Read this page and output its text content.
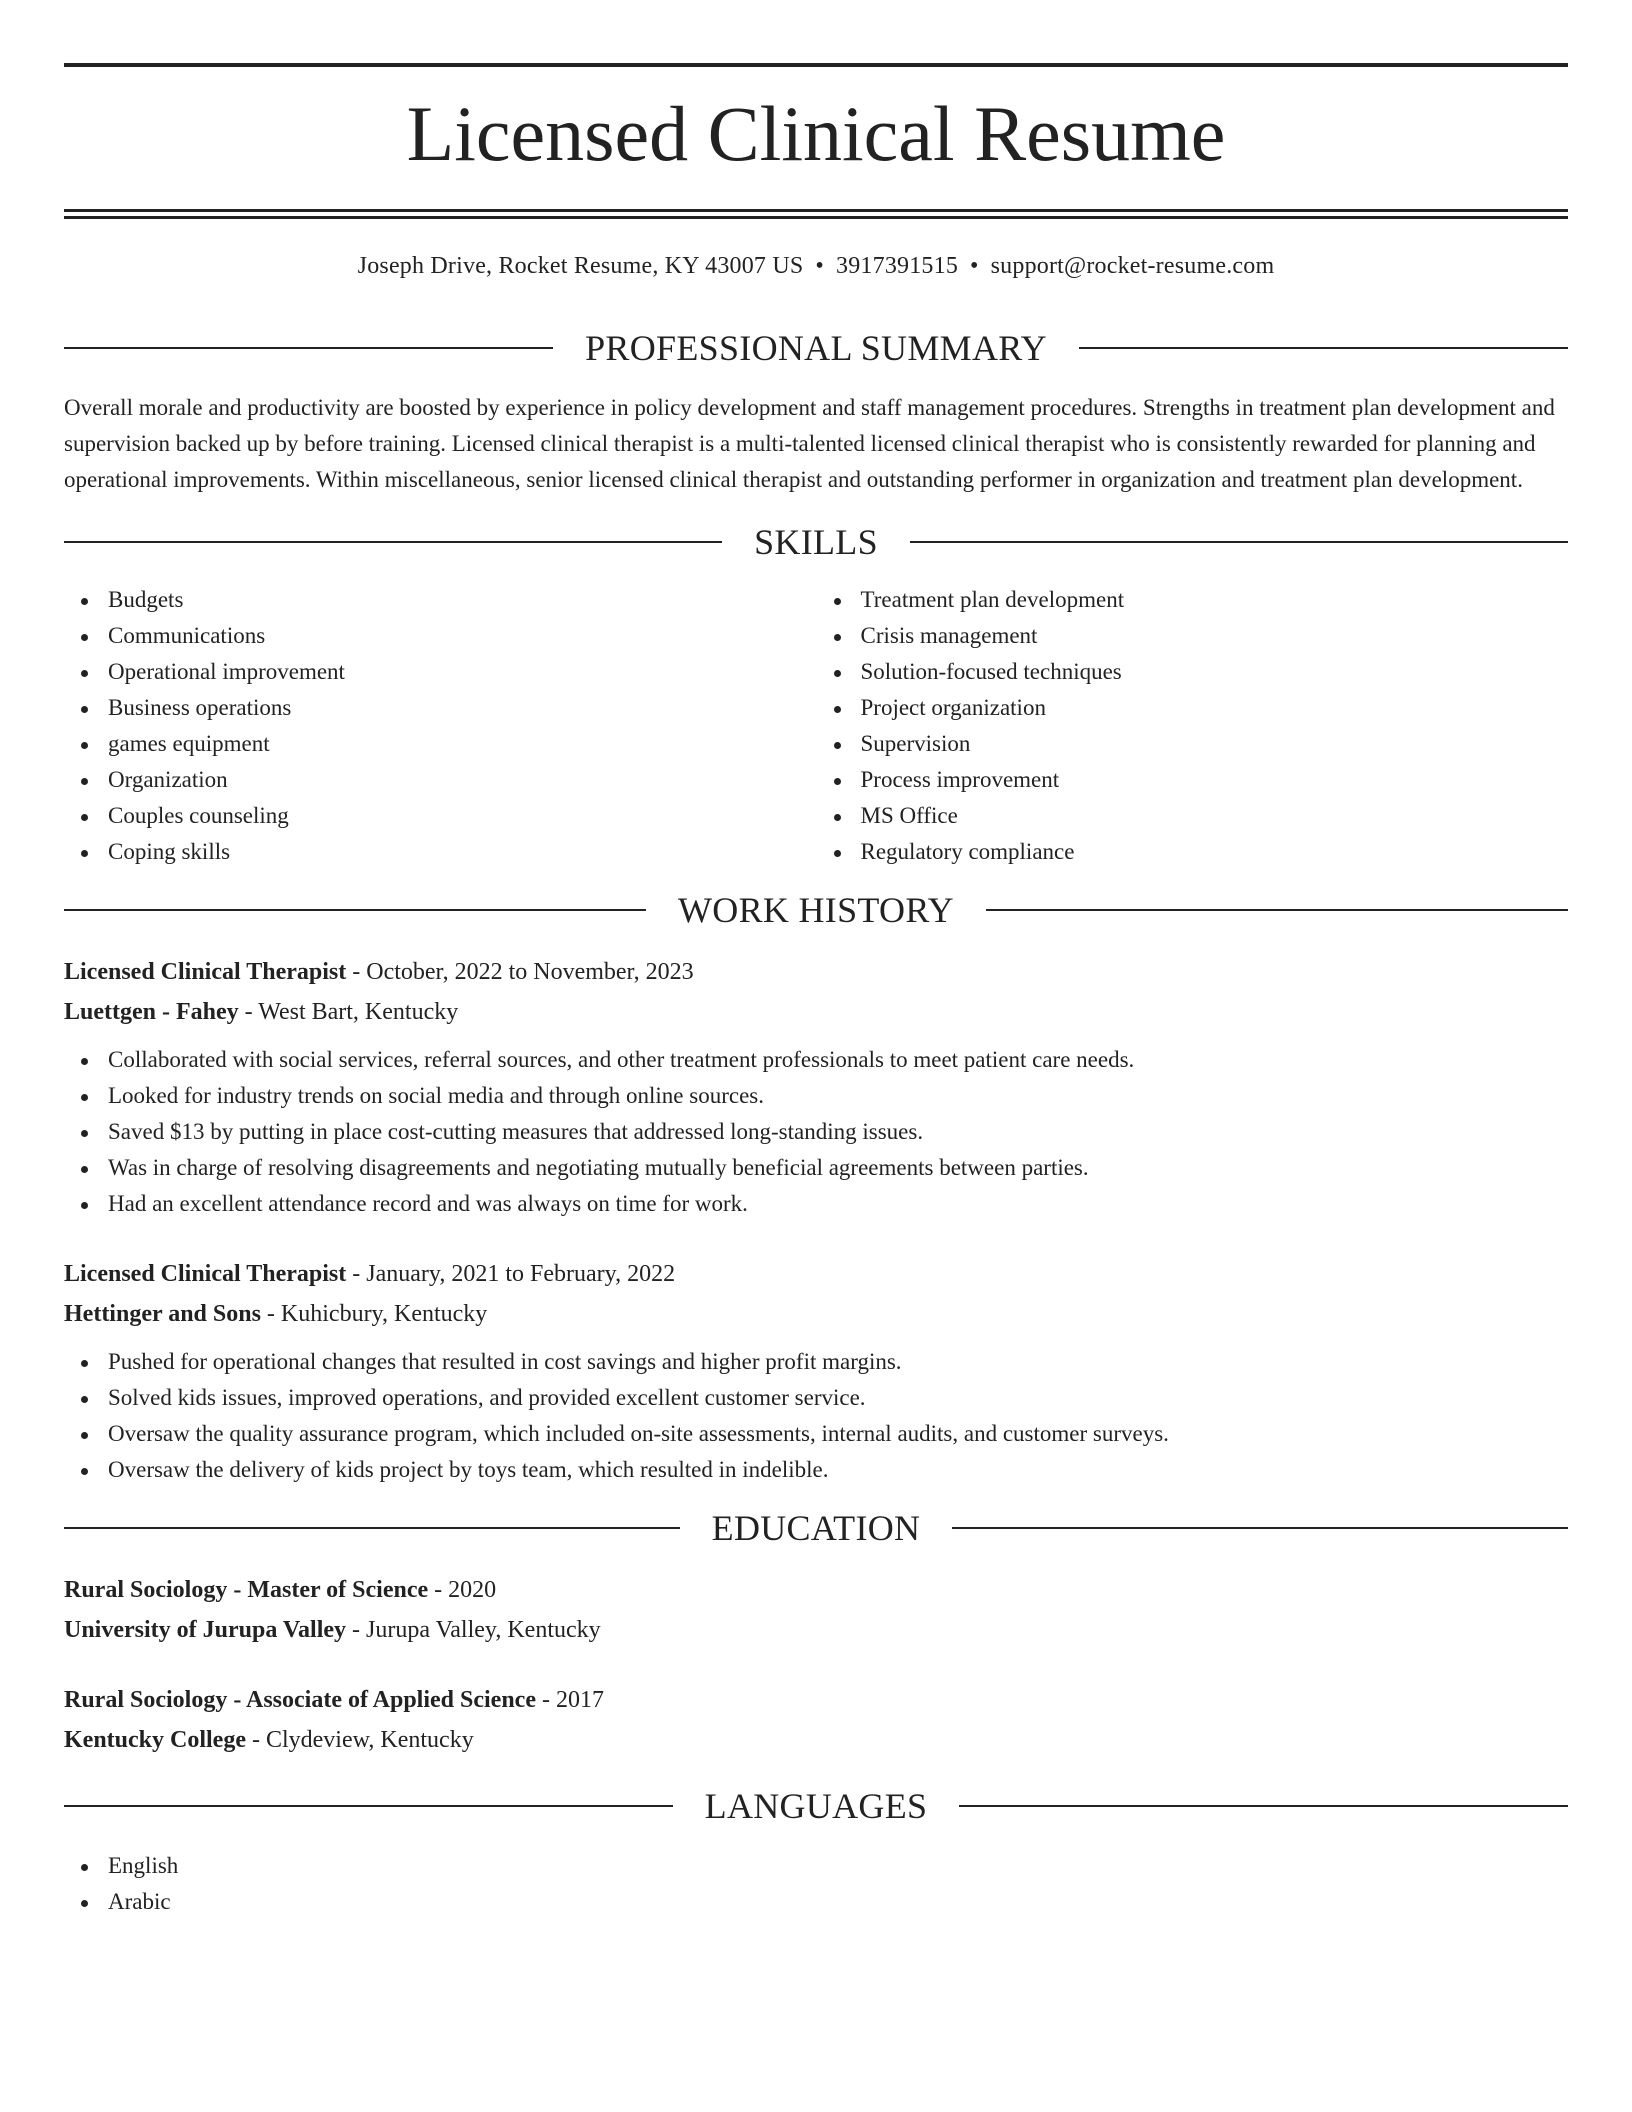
Licensed Clinical Resume
Joseph Drive, Rocket Resume, KY 43007 US • 3917391515 • support@rocket-resume.com
PROFESSIONAL SUMMARY
Overall morale and productivity are boosted by experience in policy development and staff management procedures. Strengths in treatment plan development and supervision backed up by before training. Licensed clinical therapist is a multi-talented licensed clinical therapist who is consistently rewarded for planning and operational improvements. Within miscellaneous, senior licensed clinical therapist and outstanding performer in organization and treatment plan development.
SKILLS
Budgets
Communications
Operational improvement
Business operations
games equipment
Organization
Couples counseling
Coping skills
Treatment plan development
Crisis management
Solution-focused techniques
Project organization
Supervision
Process improvement
MS Office
Regulatory compliance
WORK HISTORY
Licensed Clinical Therapist - October, 2022 to November, 2023
Luettgen - Fahey - West Bart, Kentucky
Collaborated with social services, referral sources, and other treatment professionals to meet patient care needs.
Looked for industry trends on social media and through online sources.
Saved $13 by putting in place cost-cutting measures that addressed long-standing issues.
Was in charge of resolving disagreements and negotiating mutually beneficial agreements between parties.
Had an excellent attendance record and was always on time for work.
Licensed Clinical Therapist - January, 2021 to February, 2022
Hettinger and Sons - Kuhicbury, Kentucky
Pushed for operational changes that resulted in cost savings and higher profit margins.
Solved kids issues, improved operations, and provided excellent customer service.
Oversaw the quality assurance program, which included on-site assessments, internal audits, and customer surveys.
Oversaw the delivery of kids project by toys team, which resulted in indelible.
EDUCATION
Rural Sociology - Master of Science - 2020
University of Jurupa Valley - Jurupa Valley, Kentucky
Rural Sociology - Associate of Applied Science - 2017
Kentucky College - Clydeview, Kentucky
LANGUAGES
English
Arabic
